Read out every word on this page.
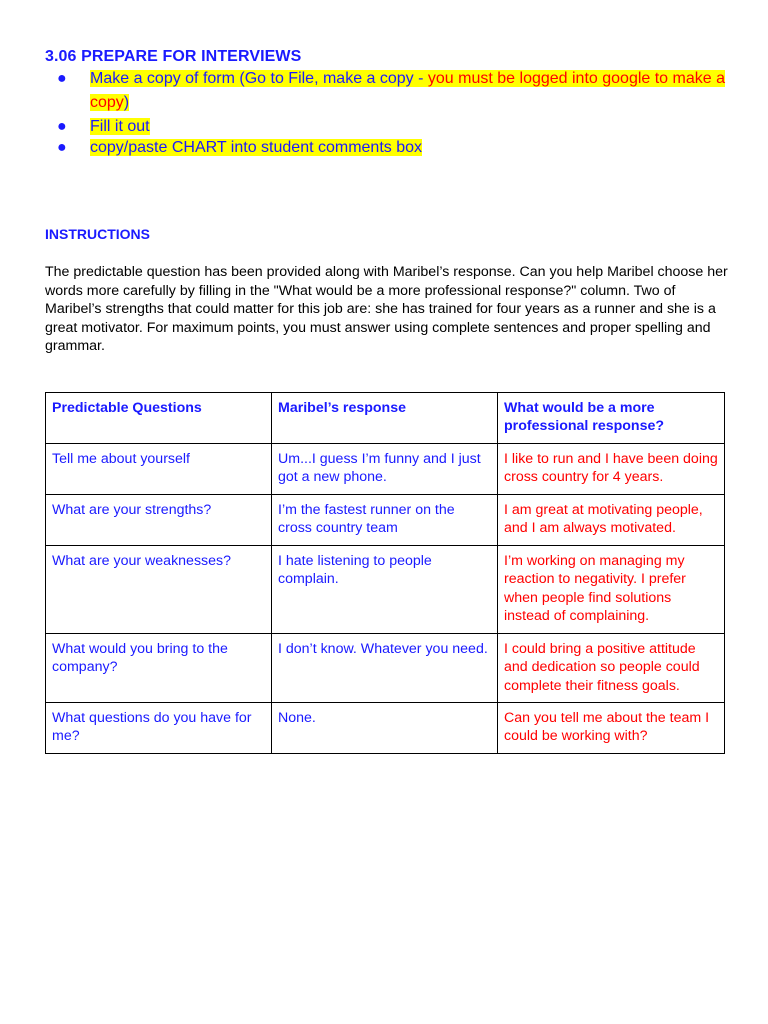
3.06 PREPARE FOR INTERVIEWS
●	Make a copy of form (Go to File, make a copy - you must be logged into google to make a copy)
●	Fill it out
●	copy/paste CHART into student comments box
INSTRUCTIONS
The predictable question has been provided along with Maribel’s response. Can you help Maribel choose her words more carefully by filling in the "What would be a more professional response?" column. Two of Maribel’s strengths that could matter for this job are: she has trained for four years as a runner and she is a great motivator. For maximum points, you must answer using complete sentences and proper spelling and grammar.
Predictable Questions	Maribel’s response	What would be a more professional response?
Tell me about yourself	Um...I guess I’m funny and I just got a new phone.	I like to run and I have been doing cross country for 4 years.
What are your strengths?	I’m the fastest runner on the cross country team	I am great at motivating people, and I am always motivated.
What are your weaknesses?	I hate listening to people complain.	I’m working on managing my reaction to negativity. I prefer when people find solutions instead of complaining.
What would you bring to the company?	I don’t know. Whatever you need.	I could bring a positive attitude and dedication so people could complete their fitness goals.
What questions do you have for me?	None.	Can you tell me about the team I could be working with?
